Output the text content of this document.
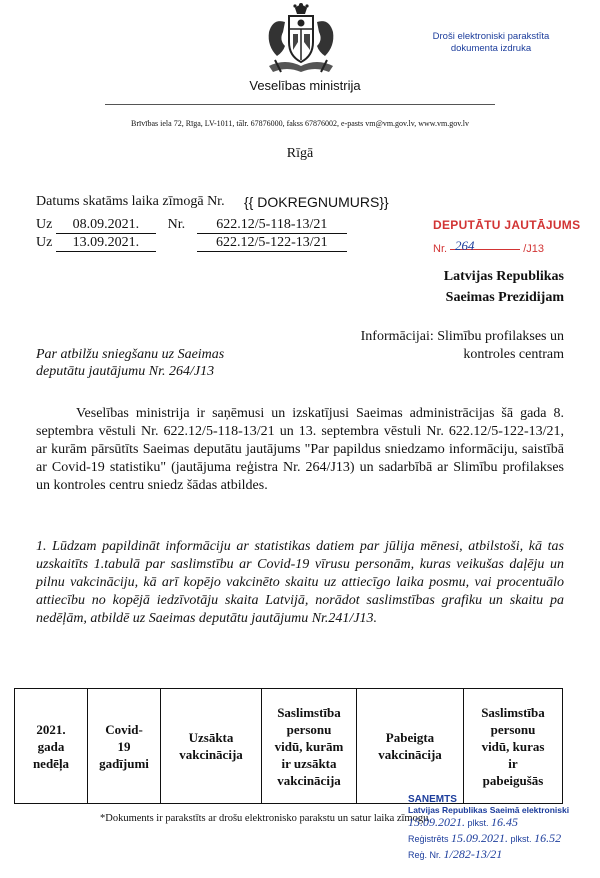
Veselības ministrija
Brīvības iela 72, Rīga, LV-1011, tālr. 67876000, fakss 67876002, e-pasts vm@vm.gov.lv, www.vm.gov.lv
Rīgā
Droši elektroniski parakstīta
dokumenta izdruka
Datums skatāms laika zīmogā Nr. {{ DOKREGNUMURS}}
Uz 08.09.2021. Nr. 622.12/5-118-13/21
Uz 13.09.2021.	622.12/5-122-13/21
DEPUTĀTU JAUTĀJUMS
Nr.	/J13
264
Latvijas Republikas
Saeimas Prezidijam
Informācijai: Slimību profilakses un
kontroles centram
Par atbilžu sniegšanu uz Saeimas
deputātu jautājumu Nr. 264/J13
Veselības ministrija ir saņēmusi un izskatījusi Saeimas administrācijas šā gada 8. septembra vēstuli Nr. 622.12/5-118-13/21 un 13. septembra vēstuli Nr. 622.12/5-122-13/21, ar kurām pārsūtīts Saeimas deputātu jautājums "Par papildus sniedzamo informāciju, saistībā ar Covid-19 statistiku" (jautājuma reģistra Nr. 264/J13) un sadarbībā ar Slimību profilakses un kontroles centru sniedz šādas atbildes.
1. Lūdzam papildināt informāciju ar statistikas datiem par jūlija mēnesi, atbilstoši, kā tas uzskaitīts 1.tabulā par saslimstību ar Covid-19 vīrusu personām, kuras veikušas daļēju un pilnu vakcināciju, kā arī kopējo vakcinēto skaitu uz attiecīgo laika posmu, vai procentuālo attiecību no kopējā iedzīvotāju skaita Latvijā, norādot saslimstības grafiku un skaitu pa nedēļām, atbildē uz Saeimas deputātu jautājumu Nr.241/J13.
2021.
gada
nedēļa

Covid-
19
gadījumi

Uzsākta
vakcinācija

Saslimstība
personu
vidū, kurām
ir uzsākta
vakcinācija

Pabeigta
vakcinācija

Saslimstība
personu
vidū, kuras
ir
pabeigušās
*Dokuments ir parakstīts ar drošu elektronisko parakstu un satur laika zīmogu
SANEMTS
Latvijas Republikas Saeimā elektroniski
15.09.2021. plkst. 16.45
Reģistrēts 15.09.2021. plkst. 16.52
Reģ. Nr. 1/282-13/21
